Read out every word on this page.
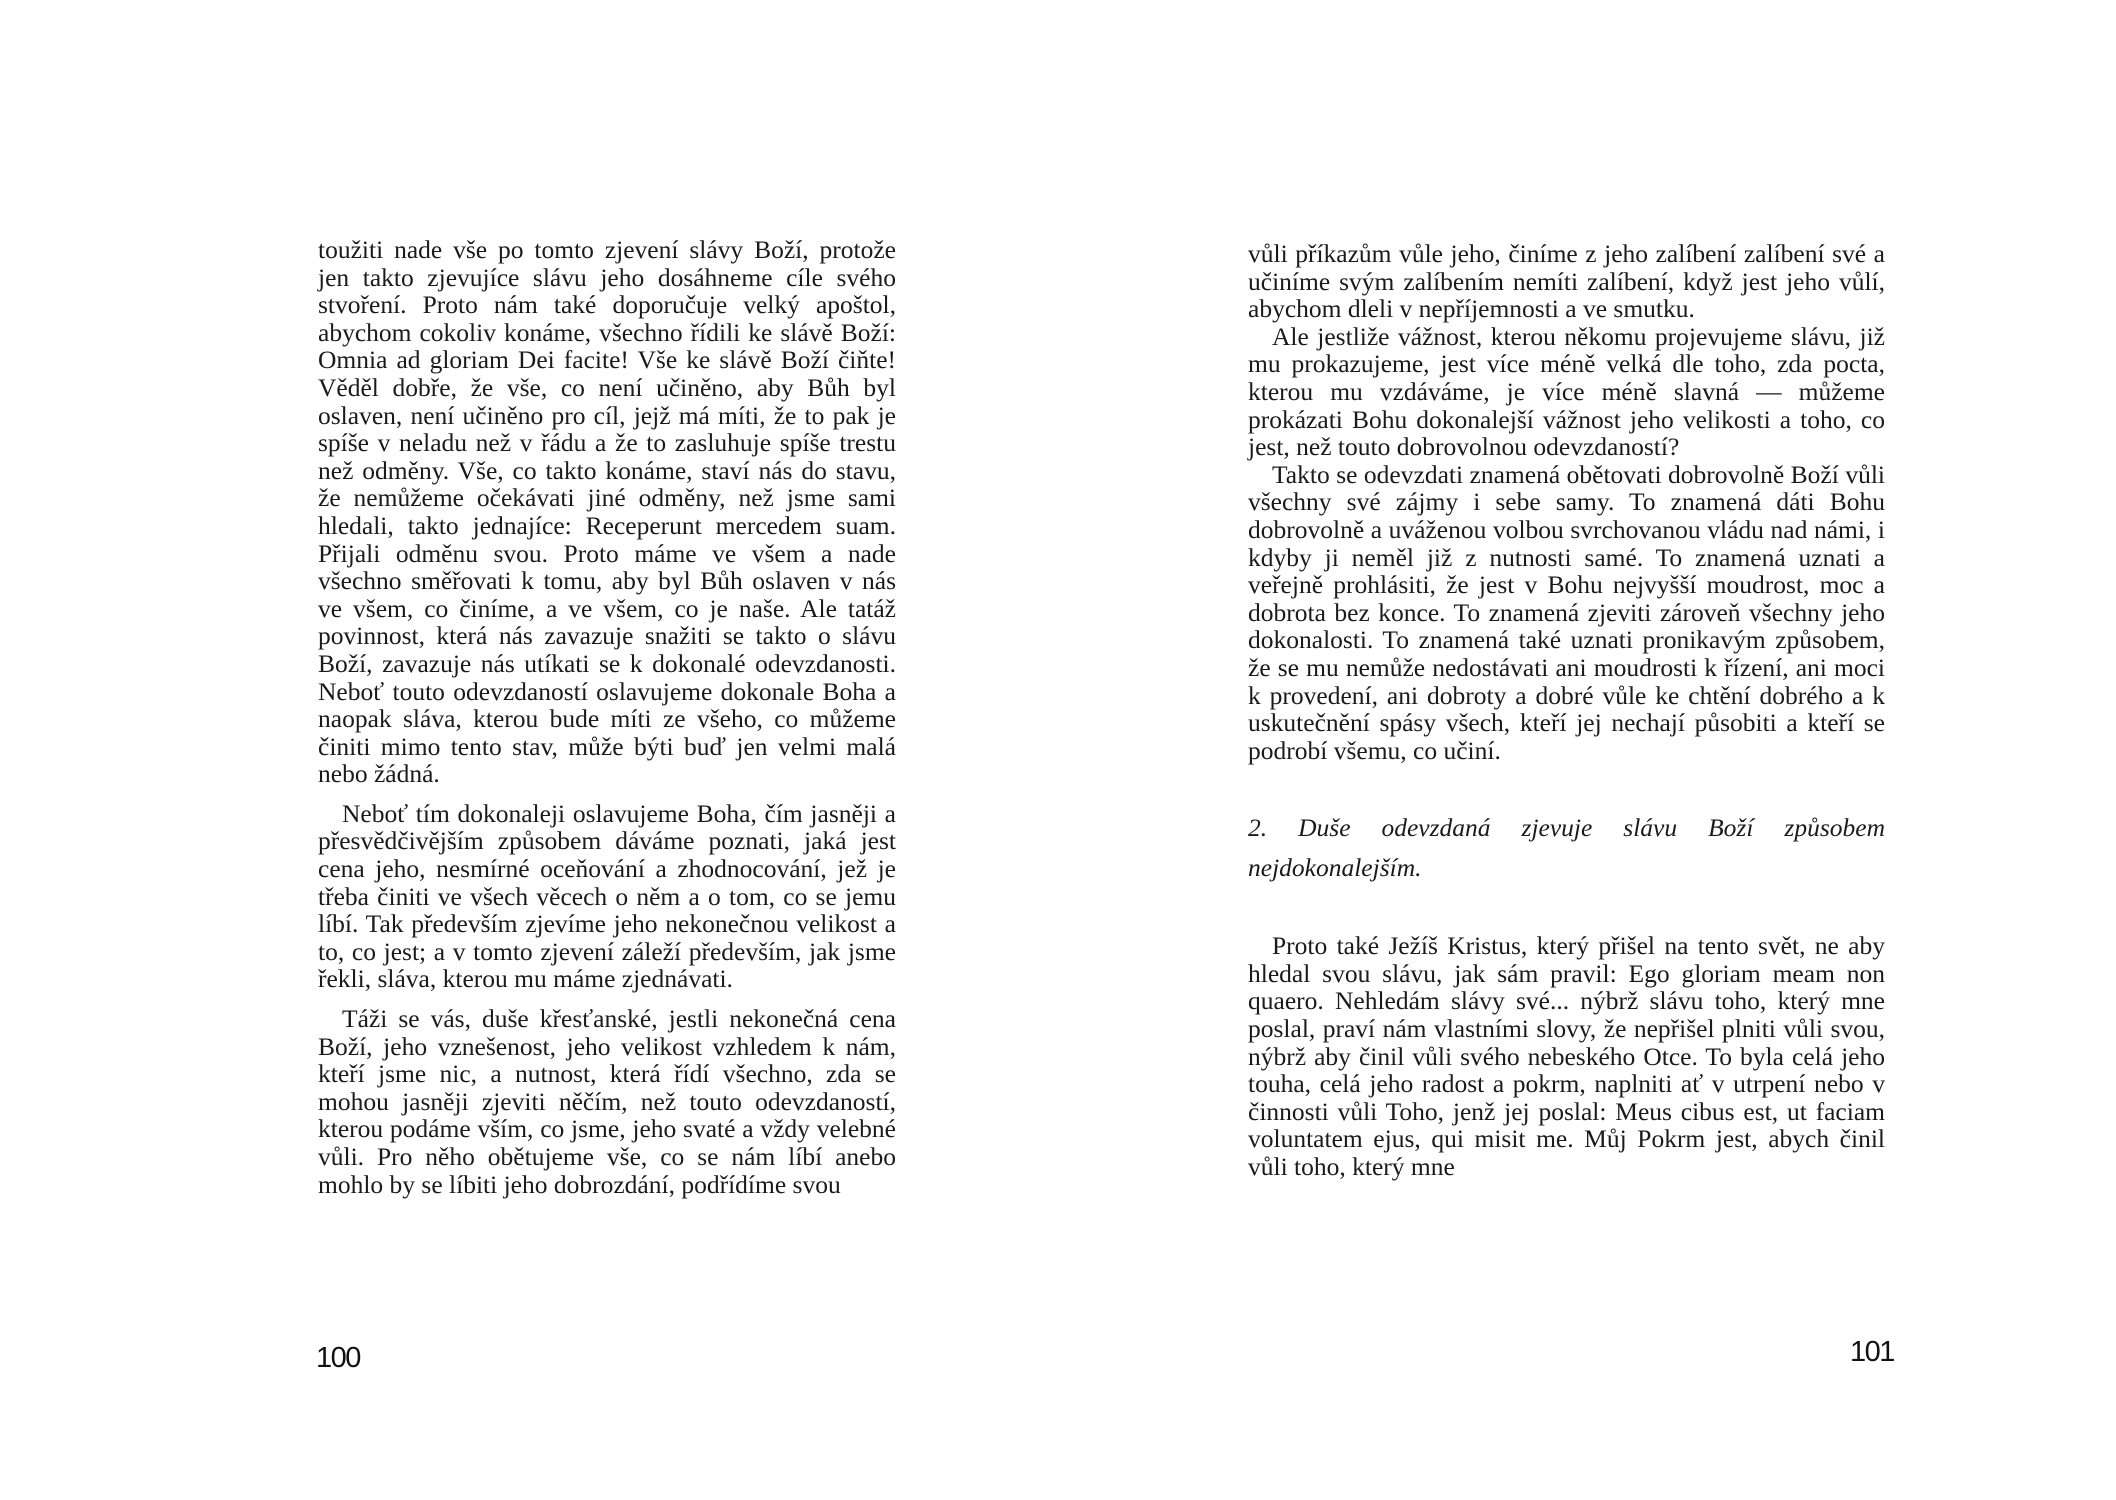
toužiti nade vše po tomto zjevení slávy Boží, protože jen takto zjevujíce slávu jeho dosáhneme cíle svého stvoření. Proto nám také doporučuje velký apoštol, abychom cokoliv konáme, všechno řídili ke slávě Boží: Omnia ad gloriam Dei facite! Vše ke slávě Boží čiňte! Věděl dobře, že vše, co není učiněno, aby Bůh byl oslaven, není učiněno pro cíl, jejž má míti, že to pak je spíše v neladu než v řádu a že to zasluhuje spíše trestu než odměny. Vše, co takto konáme, staví nás do stavu, že nemůžeme očekávati jiné odměny, než jsme sami hledali, takto jednajíce: Receperunt mercedem suam. Přijali odměnu svou. Proto máme ve všem a nade všechno směřovati k tomu, aby byl Bůh oslaven v nás ve všem, co činíme, a ve všem, co je naše. Ale tatáž povinnost, která nás zavazuje snažiti se takto o slávu Boží, zavazuje nás utíkati se k dokonalé odevzdanosti. Neboť touto odevzdaností oslavujeme dokonale Boha a naopak sláva, kterou bude míti ze všeho, co můžeme činiti mimo tento stav, může býti buď jen velmi malá nebo žádná.

Neboť tím dokonaleji oslavujeme Boha, čím jasněji a přesvědčivějším způsobem dáváme poznati, jaká jest cena jeho, nesmírné oceňování a zhodnocování, jež je třeba činiti ve všech věcech o něm a o tom, co se jemu líbí. Tak především zjevíme jeho nekonečnou velikost a to, co jest; a v tomto zjevení záleží především, jak jsme řekli, sláva, kterou mu máme zjednávati.

Táži se vás, duše křesťanské, jestli nekonečná cena Boží, jeho vznešenost, jeho velikost vzhledem k nám, kteří jsme nic, a nutnost, která řídí všechno, zda se mohou jasněji zjeviti něčím, než touto odevzdaností, kterou podáme vším, co jsme, jeho svaté a vždy velebné vůli. Pro něho obětujeme vše, co se nám líbí anebo mohlo by se líbiti jeho dobrozdání, podřídíme svou

100

vůli příkazům vůle jeho, činíme z jeho zalíbení zalíbení své a učiníme svým zalíbením nemíti zalíbení, když jest jeho vůlí, abychom dleli v nepříjemnosti a ve smutku.

Ale jestliže vážnost, kterou někomu projevujeme slávu, již mu prokazujeme, jest více méně velká dle toho, zda pocta, kterou mu vzdáváme, je více méně slavná — můžeme prokázati Bohu dokonalejší vážnost jeho velikosti a toho, co jest, než touto dobrovolnou odevzdaností?

Takto se odevzdati znamená obětovati dobrovolně Boží vůli všechny své zájmy i sebe samy. To znamená dáti Bohu dobrovolně a uváženou volbou svrchovanou vládu nad námi, i kdyby ji neměl již z nutnosti samé. To znamená uznati a veřejně prohlásiti, že jest v Bohu nejvyšší moudrost, moc a dobrota bez konce. To znamená zjeviti zároveň všechny jeho dokonalosti. To znamená také uznati pronikavým způsobem, že se mu nemůže nedostávati ani moudrosti k řízení, ani moci k provedení, ani dobroty a dobré vůle ke chtění dobrého a k uskutečnění spásy všech, kteří jej nechají působiti a kteří se podrobí všemu, co učiní.

2. Duše odevzdaná zjevuje slávu Boží způsobem nejdokonalejším.

Proto také Ježíš Kristus, který přišel na tento svět, ne aby hledal svou slávu, jak sám pravil: Ego gloriam meam non quaero. Nehledám slávy své... nýbrž slávu toho, který mne poslal, praví nám vlastními slovy, že nepřišel plniti vůli svou, nýbrž aby činil vůli svého nebeského Otce. To byla celá jeho touha, celá jeho radost a pokrm, naplniti ať v utrpení nebo v činnosti vůli Toho, jenž jej poslal: Meus cibus est, ut faciam voluntatem ejus, qui misit me. Můj Pokrm jest, abych činil vůli toho, který mne

101
